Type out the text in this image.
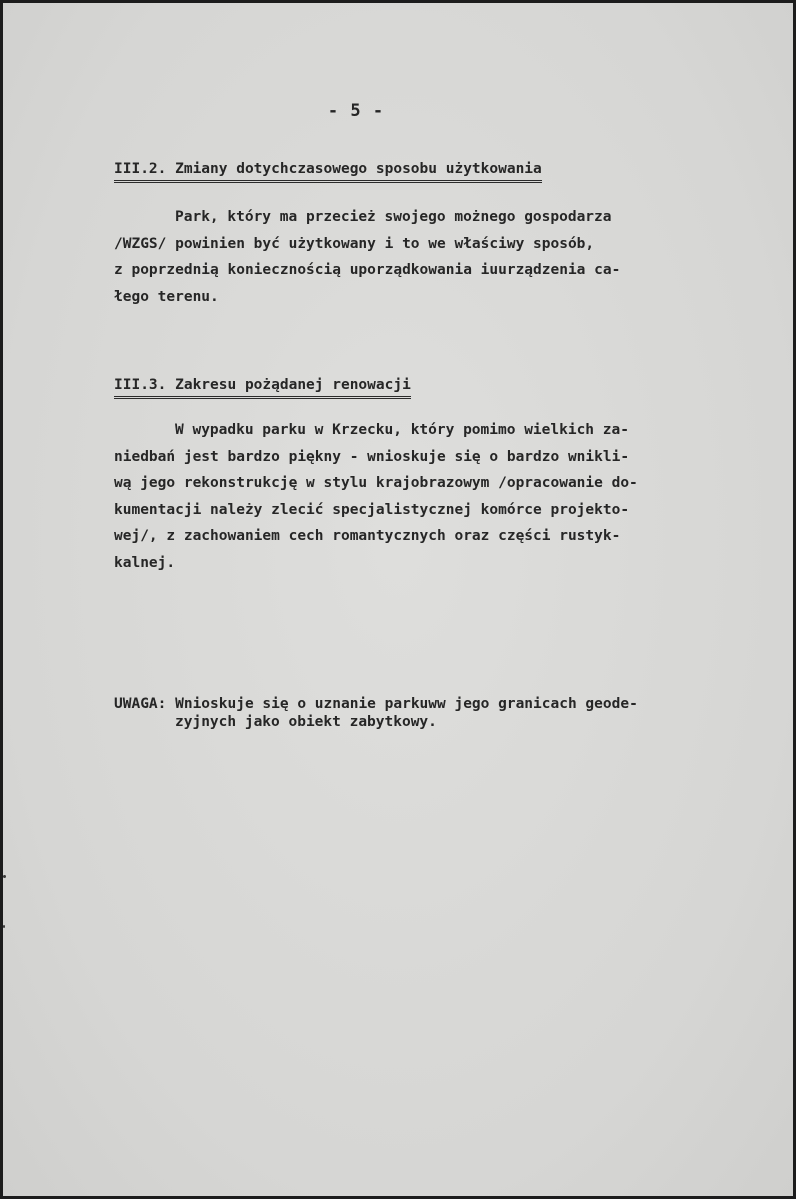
- 5 -
III.2. Zmiany dotychczasowego sposobu użytkowania

Park, który ma przecież swojego możnego gospodarza
/WZGS/ powinien być użytkowany i to we właściwy sposób,
z poprzednią koniecznością uporządkowania iuurządzenia ca-
łego terenu.

III.3. Zakresu pożądanej renowacji

W wypadku parku w Krzecku, który pomimo wielkich za-
niedbań jest bardzo piękny - wnioskuje się o bardzo wnikli-
wą jego rekonstrukcję w stylu krajobrazowym /opracowanie do-
kumentacji należy zlecić specjalistycznej komórce projekto-
wej/, z zachowaniem cech romantycznych oraz części rustyk-
kalnej.

UWAGA: Wnioskuje się o uznanie parkuww jego granicach geode-
zyjnych jako obiekt zabytkowy.
